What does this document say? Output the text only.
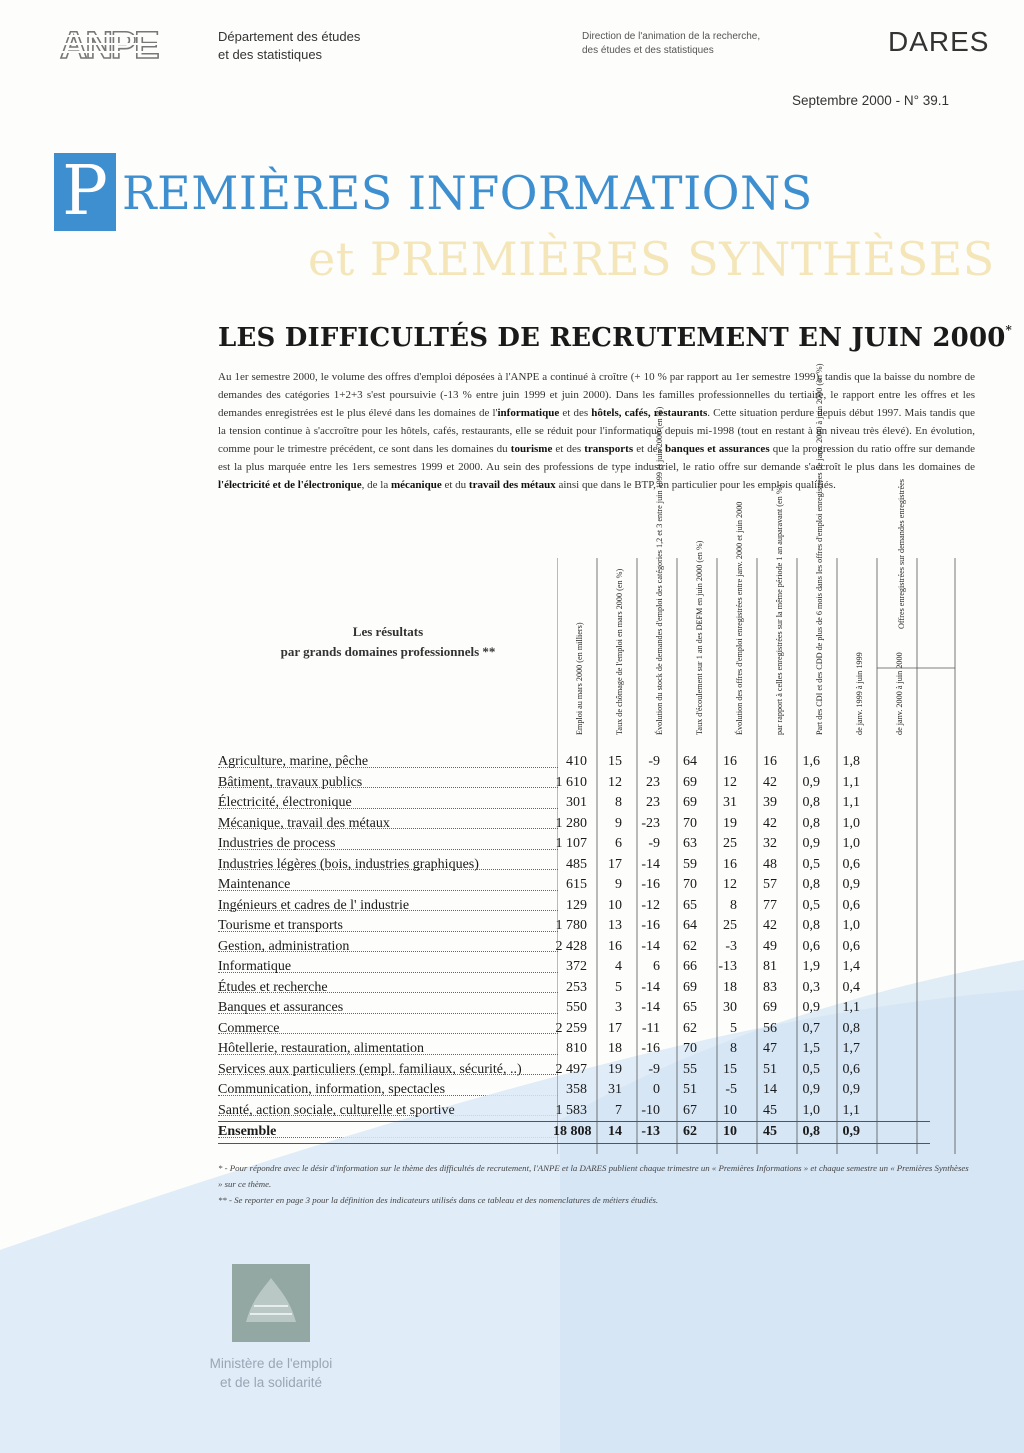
ANPE	Département des études
et des statistiques
Direction de l'animation de la recherche,
des études et des statistiques	DARES
Septembre 2000 - N° 39.1
P REMIÈRES INFORMATIONS
et PREMIÈRES SYNTHÈSES
LES DIFFICULTÉS DE RECRUTEMENT EN JUIN 2000*
Au 1er semestre 2000, le volume des offres d'emploi déposées à l'ANPE a continué à croître (+ 10 % par rapport au 1er semestre 1999), tandis que la baisse du nombre de demandes des catégories 1+2+3 s'est poursuivie (-13 % entre juin 1999 et juin 2000). Dans les familles professionnelles du tertiaire, le rapport entre les offres et les demandes enregistrées est le plus élevé dans les domaines de l'informatique et des hôtels, cafés, restaurants. Cette situation perdure depuis début 1997. Mais tandis que la tension continue à s'accroître pour les hôtels, cafés, restaurants, elle se réduit pour l'informatique depuis mi-1998 (tout en restant à un niveau très élevé). En évolution, comme pour le trimestre précédent, ce sont dans les domaines du tourisme et des transports et des banques et assurances que la progression du ratio offre sur demande est la plus marquée entre les 1ers semestres 1999 et 2000. Au sein des professions de type industriel, le ratio offre sur demande s'accroît le plus dans les domaines de l'électricité et de l'électronique, de la mécanique et du travail des métaux ainsi que dans le BTP, en particulier pour les emplois qualifiés.
Les résultats
par grands domaines professionnels **	Emploi au mars 2000 (en milliers)	Taux de chômage de l'emploi en mars 2000 (en %)	Évolution du stock de demandes d'emploi des catégories 1,2 et 3 entre juin 1999 et juin 2000 (en %)	Taux d'écoulement sur 1 an des DEFM en juin 2000 (en %)	Évolution des offres d'emploi enregistrées entre janv. 2000 et juin 2000	par rapport à celles enregistrées sur la même période 1 an auparavant (en %)	Part des CDI et des CDD de plus de 6 mois dans les offres d'emploi enregistrées de janv. 2000 à juin 2000 (en %)	de janv. 1999 à juin 1999	de janv. 2000 à juin 2000
Offres enregistrées sur demandes enregistrées
Agriculture, marine, pêche	410	15	-9	64	16	16	1,6	1,8
Bâtiment, travaux publics	1 610	12	23	69	12	42	0,9	1,1
Électricité, électronique	301	8	23	69	31	39	0,8	1,1
Mécanique, travail des métaux	1 280	9	-23	70	19	42	0,8	1,0
Industries de process	1 107	6	-9	63	25	32	0,9	1,0
Industries légères (bois, industries graphiques)	485	17	-14	59	16	48	0,5	0,6
Maintenance	615	9	-16	70	12	57	0,8	0,9
Ingénieurs et cadres de l' industrie	129	10	-12	65	8	77	0,5	0,6
Tourisme et transports	1 780	13	-16	64	25	42	0,8	1,0
Gestion, administration	2 428	16	-14	62	-3	49	0,6	0,6
Informatique	372	4	6	66	-13	81	1,9	1,4
Études et recherche	253	5	-14	69	18	83	0,3	0,4
Banques et assurances	550	3	-14	65	30	69	0,9	1,1
Commerce	2 259	17	-11	62	5	56	0,7	0,8
Hôtellerie, restauration, alimentation	810	18	-16	70	8	47	1,5	1,7
Services aux particuliers (empl. familiaux, sécurité, ..)	2 497	19	-9	55	15	51	0,5	0,6
Communication, information, spectacles	358	31	0	51	-5	14	0,9	0,9
Santé, action sociale, culturelle et sportive	1 583	7	-10	67	10	45	1,0	1,1
Ensemble	18 808	14	-13	62	10	45	0,8	0,9
* - Pour répondre avec le désir d'information sur le thème des difficultés de recrutement, l'ANPE et la DARES publient chaque trimestre un « Premières Informations » et chaque semestre un « Premières Synthèses » sur ce thème.
** - Se reporter en page 3 pour la définition des indicateurs utilisés dans ce tableau et des nomenclatures de métiers étudiés.
Ministère de l'emploi
et de la solidarité
